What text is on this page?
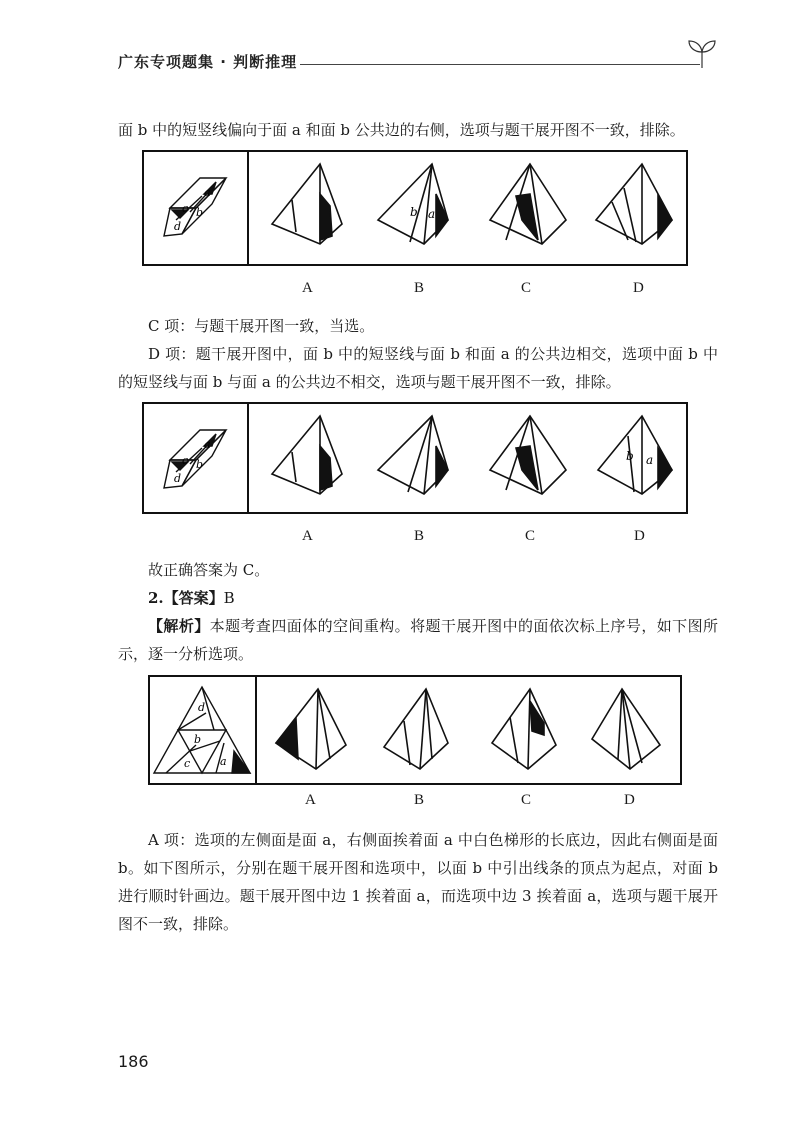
广东专项题集 · 判断推理

面 b 中的短竖线偏向于面 a 和面 b 公共边的右侧，选项与题干展开图不一致，排除。

a
b
c
d
b a
A	B	C	D

C 项：与题干展开图一致，当选。

D 项：题干展开图中，面 b 中的短竖线与面 b 和面 a 的公共边相交，选项中面 b 中的短竖线与面 b 与面 a 的公共边不相交，选项与题干展开图不一致，排除。

a
b
c
d
b a
A	B	C	D

故正确答案为 C。

2.【答案】B

【解析】本题考查四面体的空间重构。将题干展开图中的面依次标上序号，如下图所示，逐一分析选项。

d
b
a
c
A	B	C	D

A 项：选项的左侧面是面 a，右侧面挨着面 a 中白色梯形的长底边，因此右侧面是面 b。如下图所示，分别在题干展开图和选项中，以面 b 中引出线条的顶点为起点，对面 b 进行顺时针画边。题干展开图中边 1 挨着面 a，而选项中边 3 挨着面 a，选项与题干展开图不一致，排除。

186
